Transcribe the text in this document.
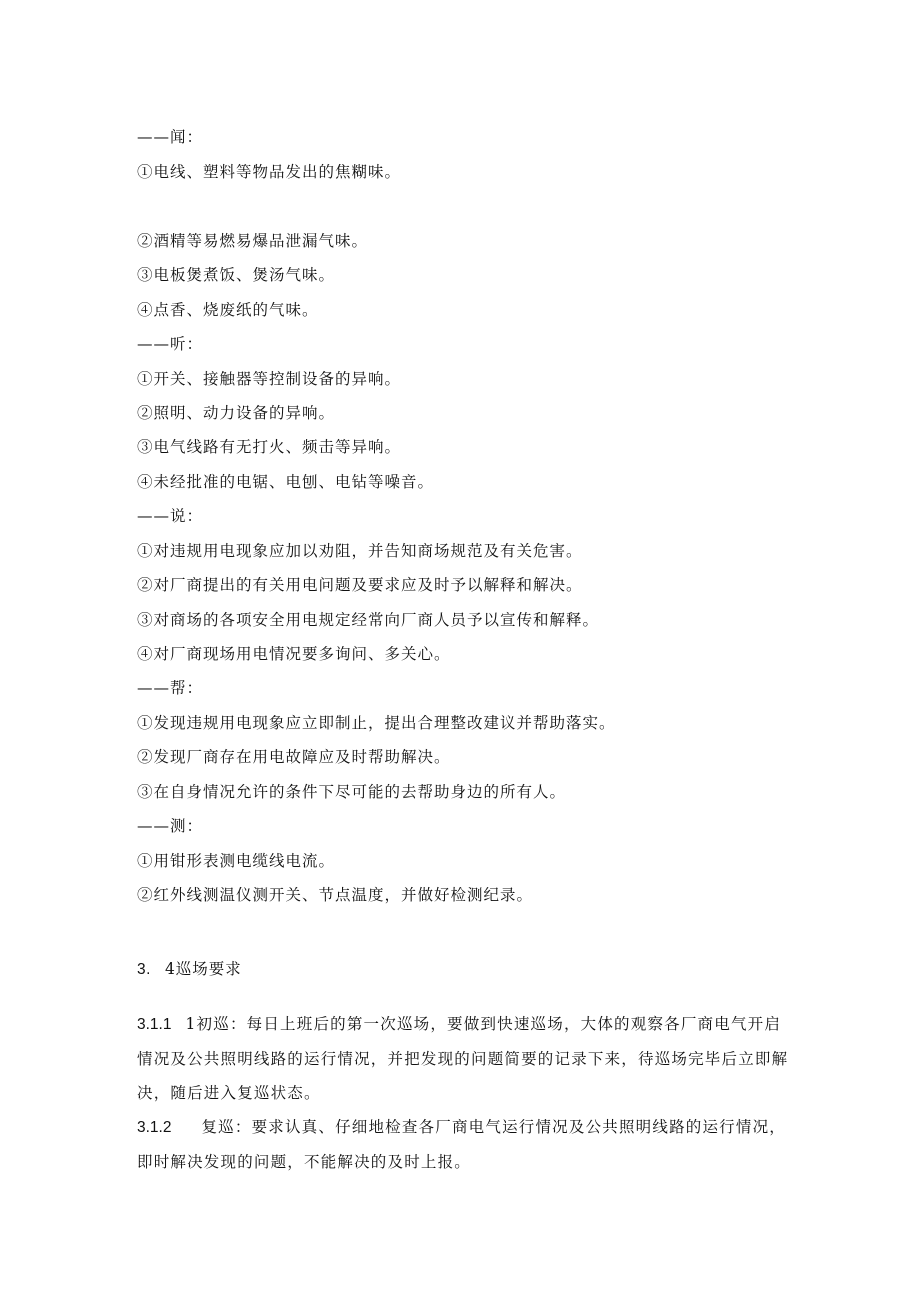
——闻：
①电线、塑料等物品发出的焦糊味。
②酒精等易燃易爆品泄漏气味。
③电板煲煮饭、煲汤气味。
④点香、烧废纸的气味。
——听：
①开关、接触器等控制设备的异响。
②照明、动力设备的异响。
③电气线路有无打火、频击等异响。
④未经批准的电锯、电刨、电钻等噪音。
——说：
①对违规用电现象应加以劝阻，并告知商场规范及有关危害。
②对厂商提出的有关用电问题及要求应及时予以解释和解决。
③对商场的各项安全用电规定经常向厂商人员予以宣传和解释。
④对厂商现场用电情况要多询问、多关心。
——帮：
①发现违规用电现象应立即制止，提出合理整改建议并帮助落实。
②发现厂商存在用电故障应及时帮助解决。
③在自身情况允许的条件下尽可能的去帮助身边的所有人。
——测：
①用钳形表测电缆线电流。
②红外线测温仪测开关、节点温度，并做好检测纪录。
3. 4巡场要求
3.1.1 1初巡：每日上班后的第一次巡场，要做到快速巡场，大体的观察各厂商电气开启情况及公共照明线路的运行情况，并把发现的问题简要的记录下来，待巡场完毕后立即解决，随后进入复巡状态。
3.1.2 复巡：要求认真、仔细地检查各厂商电气运行情况及公共照明线路的运行情况，即时解决发现的问题，不能解决的及时上报。
